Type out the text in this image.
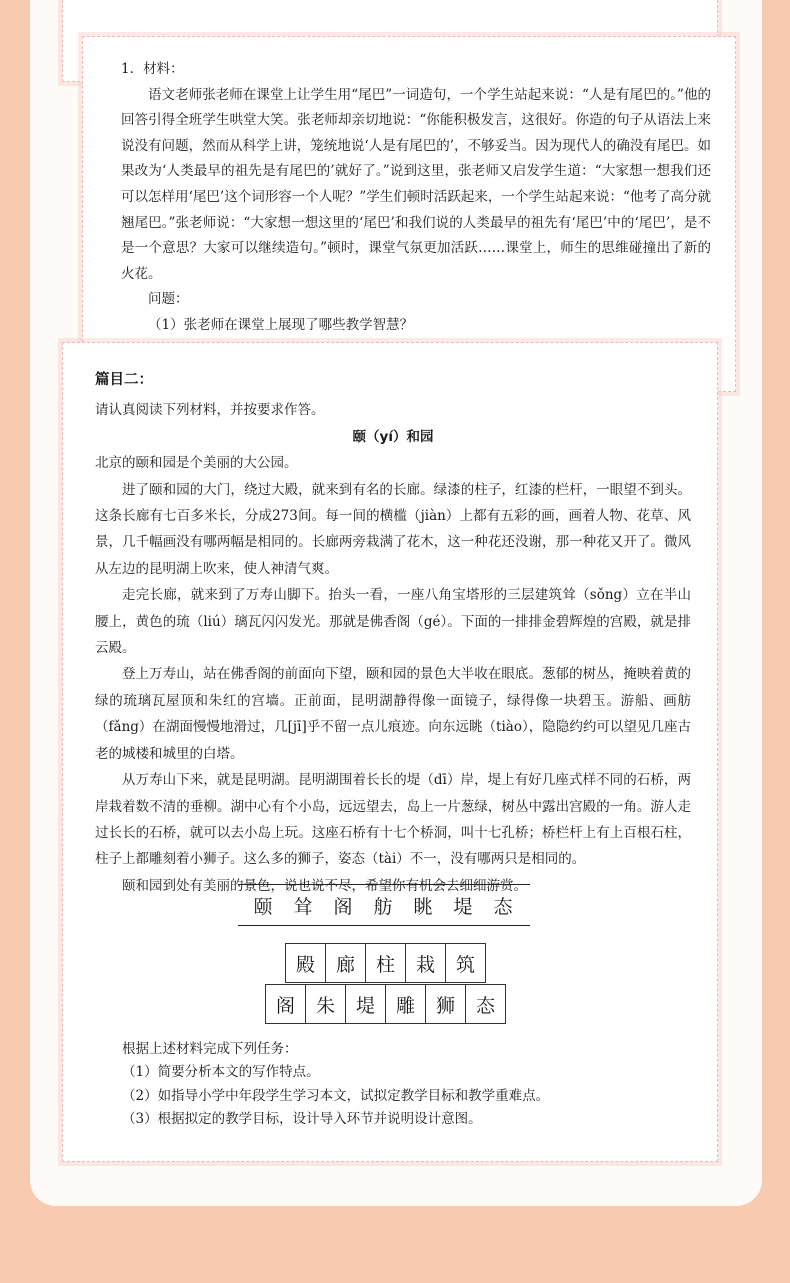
1．材料：

语文老师张老师在课堂上让学生用“尾巴”一词造句，一个学生站起来说：“人是有尾巴的。”他的回答引得全班学生哄堂大笑。张老师却亲切地说：“你能积极发言，这很好。你造的句子从语法上来说没有问题，然而从科学上讲，笼统地说‘人是有尾巴的’，不够妥当。因为现代人的确没有尾巴。如果改为‘人类最早的祖先是有尾巴的’就好了。”说到这里，张老师又启发学生道：“大家想一想我们还可以怎样用‘尾巴’这个词形容一个人呢？”学生们顿时活跃起来，一个学生站起来说：“他考了高分就翘尾巴。”张老师说：“大家想一想这里的‘尾巴’和我们说的人类最早的祖先有‘尾巴’中的‘尾巴’，是不是一个意思？大家可以继续造句。”顿时，课堂气氛更加活跃……课堂上，师生的思维碰撞出了新的火花。

问题：

（1）张老师在课堂上展现了哪些教学智慧？

篇目二：

请认真阅读下列材料，并按要求作答。

颐（yí）和园

北京的颐和园是个美丽的大公园。

进了颐和园的大门，绕过大殿，就来到有名的长廊。绿漆的柱子，红漆的栏杆，一眼望不到头。这条长廊有七百多米长，分成273间。每一间的横槛（jiàn）上都有五彩的画，画着人物、花草、风景，几千幅画没有哪两幅是相同的。长廊两旁栽满了花木，这一种花还没谢，那一种花又开了。微风从左边的昆明湖上吹来，使人神清气爽。

走完长廊，就来到了万寿山脚下。抬头一看，一座八角宝塔形的三层建筑耸（sǒng）立在半山腰上，黄色的琉（liú）璃瓦闪闪发光。那就是佛香阁（gé）。下面的一排排金碧辉煌的宫殿，就是排云殿。

登上万寿山，站在佛香阁的前面向下望，颐和园的景色大半收在眼底。葱郁的树丛，掩映着黄的绿的琉璃瓦屋顶和朱红的宫墙。正前面，昆明湖静得像一面镜子，绿得像一块碧玉。游船、画舫（fǎng）在湖面慢慢地滑过，几[jī]乎不留一点儿痕迹。向东远眺（tiào），隐隐约约可以望见几座古老的城楼和城里的白塔。

从万寿山下来，就是昆明湖。昆明湖围着长长的堤（dī）岸，堤上有好几座式样不同的石桥，两岸栽着数不清的垂柳。湖中心有个小岛，远远望去，岛上一片葱绿，树丛中露出宫殿的一角。游人走过长长的石桥，就可以去小岛上玩。这座石桥有十七个桥洞，叫十七孔桥；桥栏杆上有上百根石柱，柱子上都雕刻着小狮子。这么多的狮子，姿态（tài）不一，没有哪两只是相同的。

颐和园到处有美丽的景色，说也说不尽，希望你有机会去细细游赏。

颐 耸 阁 舫 眺 堤 态
殿	廊	柱	栽	筑
阁	朱	堤	雕	狮	态

根据上述材料完成下列任务：

（1）简要分析本文的写作特点。

（2）如指导小学中年段学生学习本文，试拟定教学目标和教学重难点。

（3）根据拟定的教学目标，设计导入环节并说明设计意图。
